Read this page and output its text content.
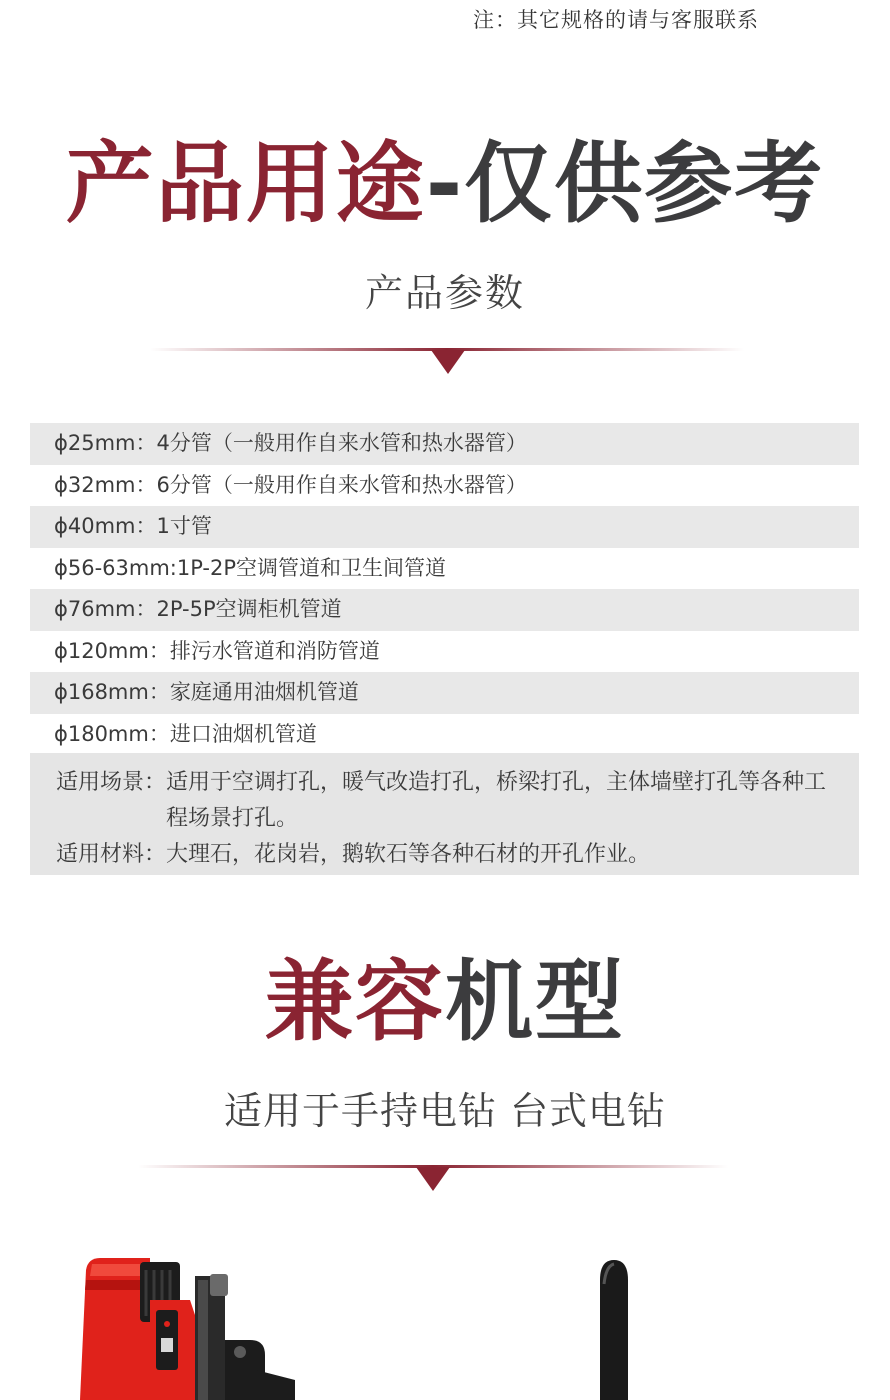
注：其它规格的请与客服联系
产品用途-仅供参考
产品参数
ɸ25mm：4分管（一般用作自来水管和热水器管）
ɸ32mm：6分管（一般用作自来水管和热水器管）
ɸ40mm：1寸管
ɸ56-63mm:1P-2P空调管道和卫生间管道
ɸ76mm：2P-5P空调柜机管道
ɸ120mm：排污水管道和消防管道
ɸ168mm：家庭通用油烟机管道
ɸ180mm：进口油烟机管道
适用场景： 适用于空调打孔，暖气改造打孔，桥梁打孔，主体墙壁打孔等各种工程场景打孔。
适用材料： 大理石，花岗岩，鹅软石等各种石材的开孔作业。
兼容机型
适用于手持电钻 台式电钻
